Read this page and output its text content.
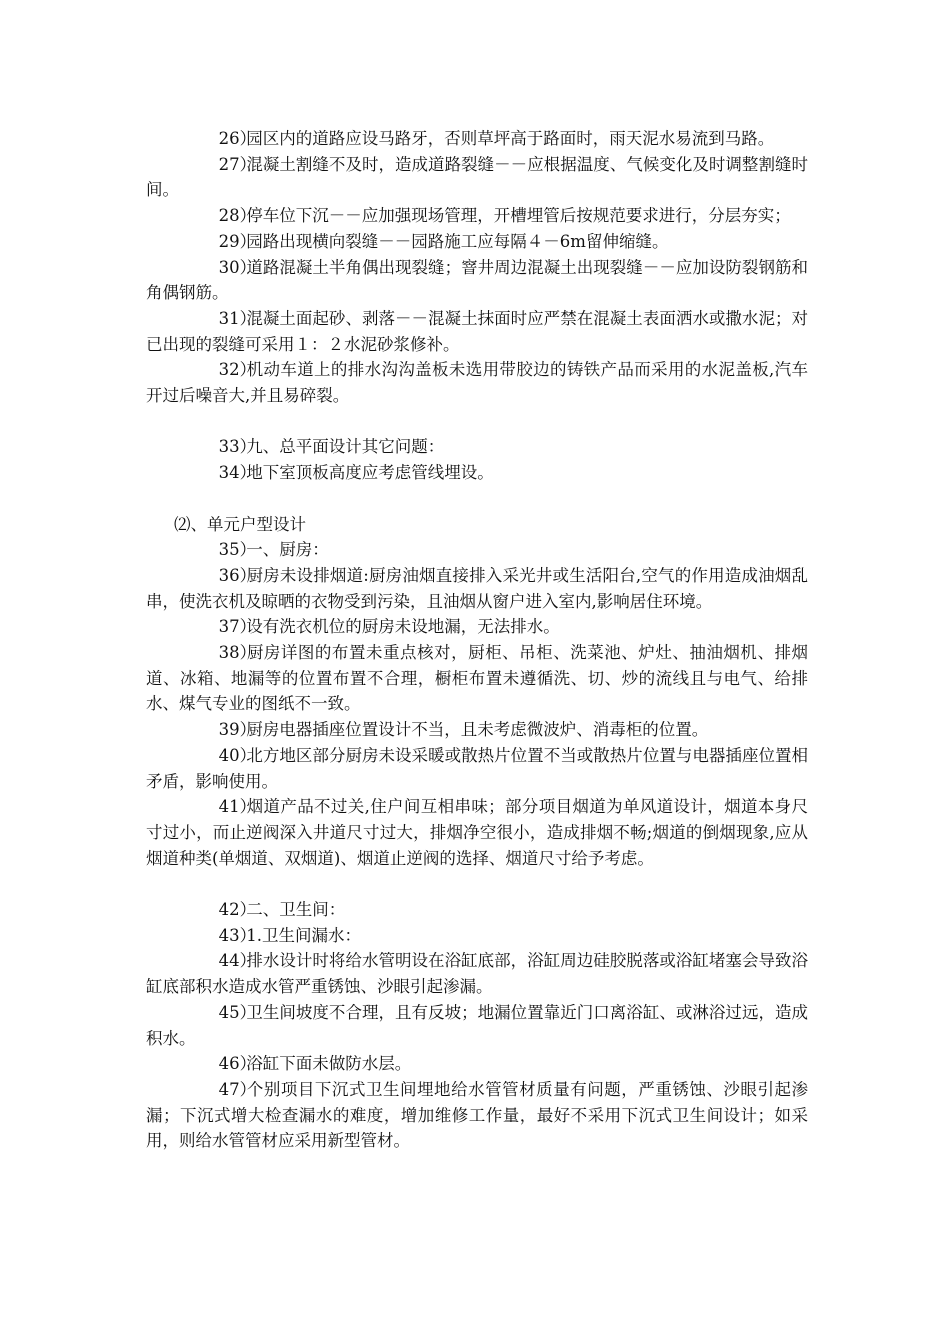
26）园区内的道路应设马路牙，否则草坪高于路面时，雨天泥水易流到马路。

27）混凝土割缝不及时，造成道路裂缝－－应根据温度、气候变化及时调整割缝时间。

28）停车位下沉－－应加强现场管理，开槽埋管后按规范要求进行，分层夯实；

29）园路出现横向裂缝－－园路施工应每隔４－6m留伸缩缝。

30）道路混凝土半角偶出现裂缝；窨井周边混凝土出现裂缝－－应加设防裂钢筋和角偶钢筋。

31）混凝土面起砂、剥落－－混凝土抹面时应严禁在混凝土表面洒水或撒水泥；对已出现的裂缝可采用１：２水泥砂浆修补。

32）机动车道上的排水沟沟盖板未选用带胶边的铸铁产品而采用的水泥盖板,汽车开过后噪音大,并且易碎裂。

33）九、总平面设计其它问题：

34）地下室顶板高度应考虑管线埋设。

⑵、单元户型设计

35）一、厨房：

36）厨房未设排烟道:厨房油烟直接排入采光井或生活阳台,空气的作用造成油烟乱串，使洗衣机及晾晒的衣物受到污染，且油烟从窗户进入室内,影响居住环境。

37）设有洗衣机位的厨房未设地漏，无法排水。

38）厨房详图的布置未重点核对，厨柜、吊柜、洗菜池、炉灶、抽油烟机、排烟道、冰箱、地漏等的位置布置不合理，橱柜布置未遵循洗、切、炒的流线且与电气、给排水、煤气专业的图纸不一致。

39）厨房电器插座位置设计不当，且未考虑微波炉、消毒柜的位置。

40）北方地区部分厨房未设采暖或散热片位置不当或散热片位置与电器插座位置相矛盾，影响使用。

41）烟道产品不过关,住户间互相串味；部分项目烟道为单风道设计，烟道本身尺寸过小，而止逆阀深入井道尺寸过大，排烟净空很小，造成排烟不畅;烟道的倒烟现象,应从烟道种类(单烟道、双烟道)、烟道止逆阀的选择、烟道尺寸给予考虑。

42）二、卫生间：

43）1.卫生间漏水：

44）排水设计时将给水管明设在浴缸底部，浴缸周边硅胶脱落或浴缸堵塞会导致浴缸底部积水造成水管严重锈蚀、沙眼引起渗漏。

45）卫生间坡度不合理，且有反坡；地漏位置靠近门口离浴缸、或淋浴过远，造成积水。

46）浴缸下面未做防水层。

47）个别项目下沉式卫生间埋地给水管管材质量有问题，严重锈蚀、沙眼引起渗漏；下沉式增大检查漏水的难度，增加维修工作量，最好不采用下沉式卫生间设计；如采用，则给水管管材应采用新型管材。
